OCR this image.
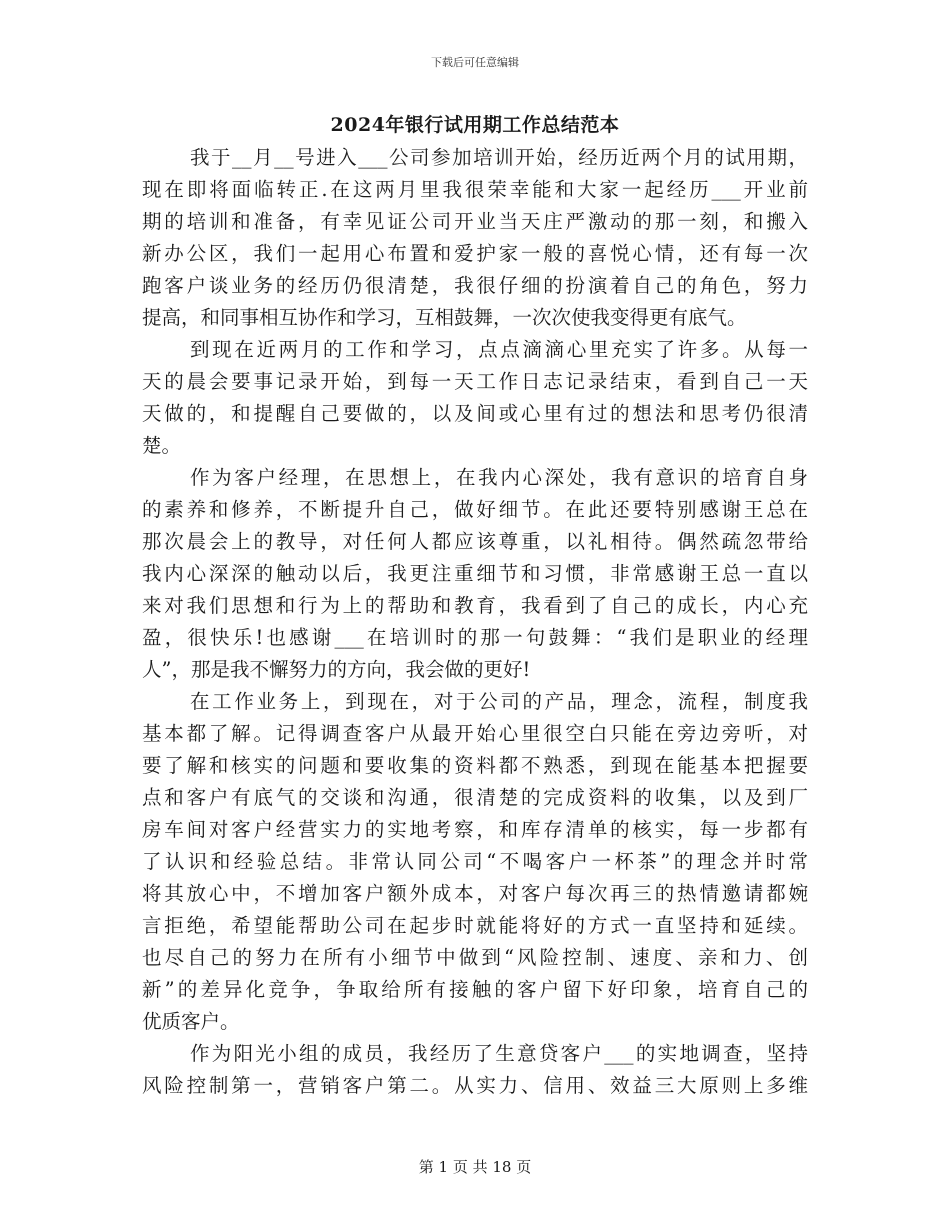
下载后可任意编辑
2024年银行试用期工作总结范本
我于__月__号进入___公司参加培训开始，经历近两个月的试用期，
现在即将面临转正.在这两月里我很荣幸能和大家一起经历___开业前
期的培训和准备，有幸见证公司开业当天庄严激动的那一刻，和搬入
新办公区，我们一起用心布置和爱护家一般的喜悦心情，还有每一次
跑客户谈业务的经历仍很清楚，我很仔细的扮演着自己的角色，努力
提高，和同事相互协作和学习，互相鼓舞，一次次使我变得更有底气。
到现在近两月的工作和学习，点点滴滴心里充实了许多。从每一
天的晨会要事记录开始，到每一天工作日志记录结束，看到自己一天
天做的，和提醒自己要做的，以及间或心里有过的想法和思考仍很清
楚。
作为客户经理，在思想上，在我内心深处，我有意识的培育自身
的素养和修养，不断提升自己，做好细节。在此还要特别感谢王总在
那次晨会上的教导，对任何人都应该尊重，以礼相待。偶然疏忽带给
我内心深深的触动以后，我更注重细节和习惯，非常感谢王总一直以
来对我们思想和行为上的帮助和教育，我看到了自己的成长，内心充
盈，很快乐!也感谢___在培训时的那一句鼓舞：“我们是职业的经理
人”，那是我不懈努力的方向，我会做的更好!
在工作业务上，到现在，对于公司的产品，理念，流程，制度我
基本都了解。记得调查客户从最开始心里很空白只能在旁边旁听，对
要了解和核实的问题和要收集的资料都不熟悉，到现在能基本把握要
点和客户有底气的交谈和沟通，很清楚的完成资料的收集，以及到厂
房车间对客户经营实力的实地考察，和库存清单的核实，每一步都有
了认识和经验总结。非常认同公司“不喝客户一杯茶”的理念并时常
将其放心中，不增加客户额外成本，对客户每次再三的热情邀请都婉
言拒绝，希望能帮助公司在起步时就能将好的方式一直坚持和延续。
也尽自己的努力在所有小细节中做到“风险控制、速度、亲和力、创
新”的差异化竞争，争取给所有接触的客户留下好印象，培育自己的
优质客户。
作为阳光小组的成员，我经历了生意贷客户___的实地调查，坚持
风险控制第一，营销客户第二。从实力、信用、效益三大原则上多维
第 1 页 共 18 页
